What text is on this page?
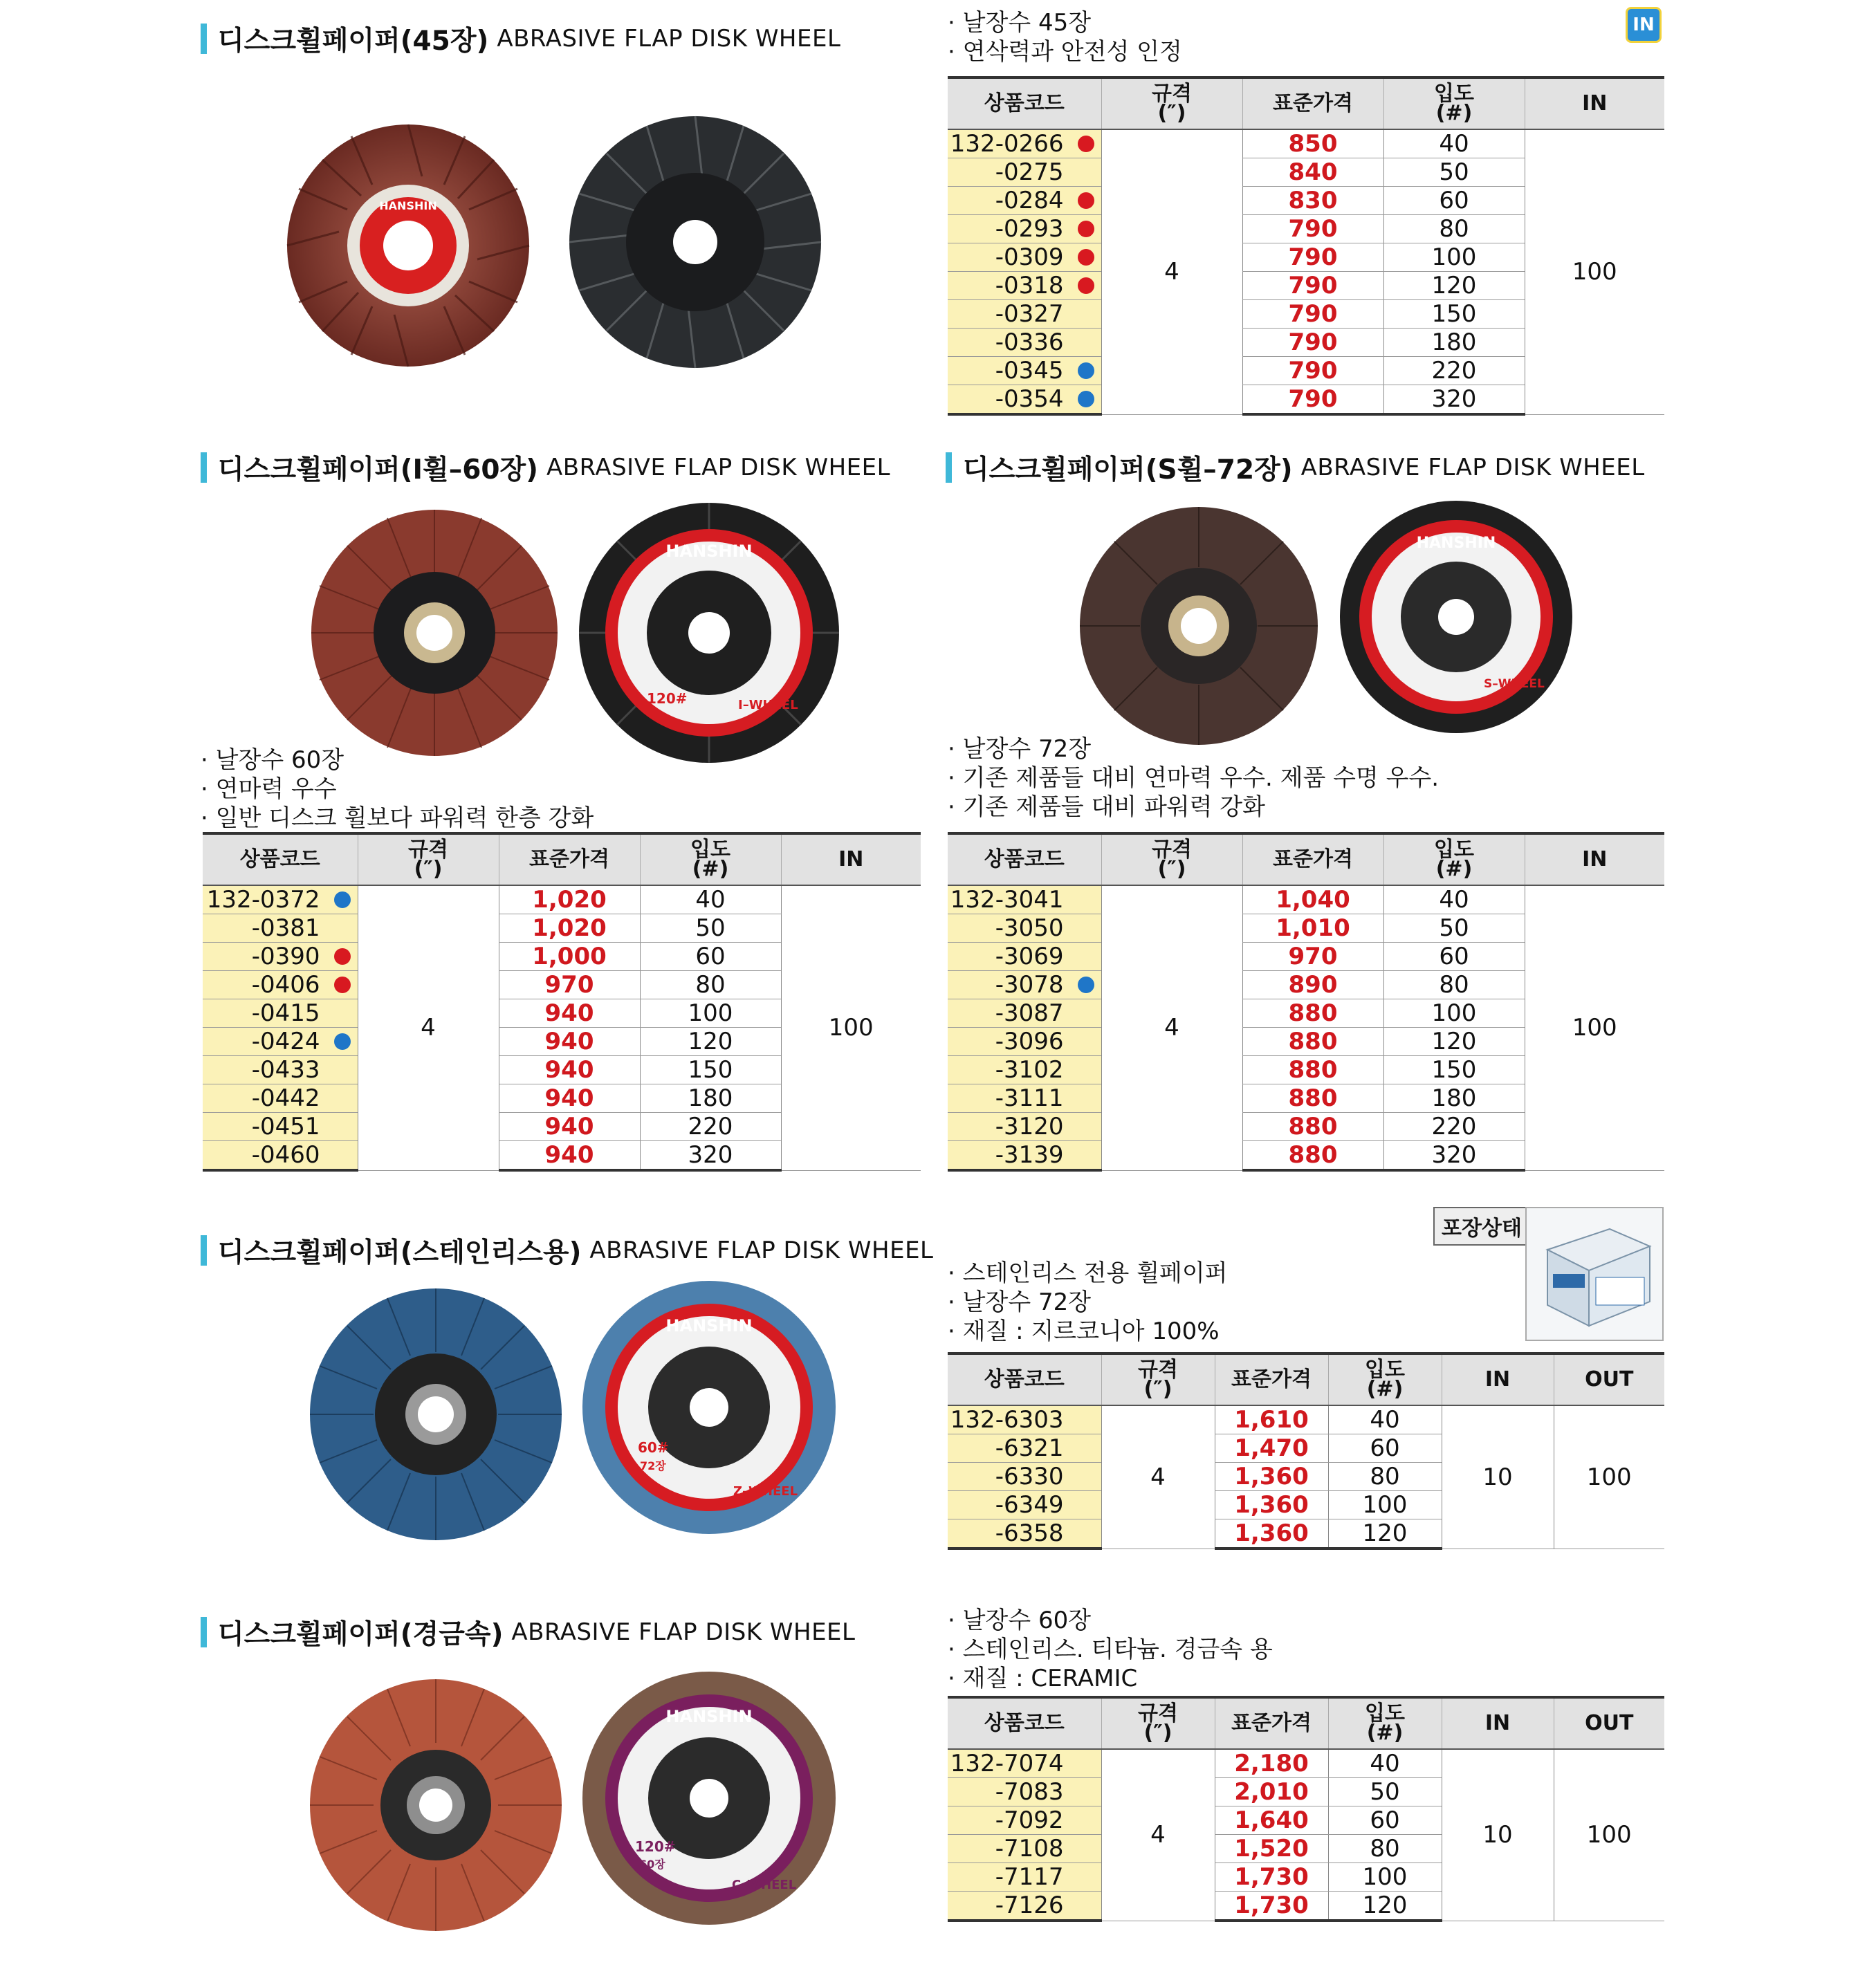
디스크휠페이퍼(45장) ABRASIVE FLAP DISK WHEEL
· 날장수 45장
· 연삭력과 안전성 인정
IN
HANSHIN
상품코드	규격
(″)	표준가격	입도
(#)	IN
132-0266	4	850	40	100
-0275		840	50	
-0284		830	60	
-0293		790	80	
-0309		790	100	
-0318		790	120	
-0327		790	150	
-0336		790	180	
-0345		790	220	
-0354		790	320	
디스크휠페이퍼(I휠–60장) ABRASIVE FLAP DISK WHEEL
HANSHIN
120#	I–WHEEL
· 날장수 60장
· 연마력 우수
· 일반 디스크 휠보다 파워력 한층 강화
상품코드	규격
(″)	표준가격	입도
(#)	IN
132-0372	4	1,020	40	100
-0381		1,020	50	
-0390		1,000	60	
-0406		970	80	
-0415		940	100	
-0424		940	120	
-0433		940	150	
-0442		940	180	
-0451		940	220	
-0460		940	320	
디스크휠페이퍼(S휠–72장) ABRASIVE FLAP DISK WHEEL
HANSHIN
S–WHEEL
· 날장수 72장
· 기존 제품들 대비 연마력 우수. 제품 수명 우수.
· 기존 제품들 대비 파워력 강화
상품코드	규격
(″)	표준가격	입도
(#)	IN
132-3041	4	1,040	40	100
-3050		1,010	50	
-3069		970	60	
-3078		890	80	
-3087		880	100	
-3096		880	120	
-3102		880	150	
-3111		880	180	
-3120		880	220	
-3139		880	320	
디스크휠페이퍼(스테인리스용) ABRASIVE FLAP DISK WHEEL
HANSHIN
60#
72장
Z–WHEEL
포장상태
· 스테인리스 전용 휠페이퍼
· 날장수 72장
· 재질 : 지르코니아 100%
상품코드	규격
(″)	표준가격	입도
(#)	IN	OUT
132-6303	4	1,610	40	10	100
-6321		1,470	60		
-6330		1,360	80		
-6349		1,360	100		
-6358		1,360	120		
디스크휠페이퍼(경금속) ABRASIVE FLAP DISK WHEEL
HANSHIN
120#
60장
C–WHEEL
· 날장수 60장
· 스테인리스. 티타늄. 경금속 용
· 재질 : CERAMIC
상품코드	규격
(″)	표준가격	입도
(#)	IN	OUT
132-7074	4	2,180	40	10	100
-7083		2,010	50		
-7092		1,640	60		
-7108		1,520	80		
-7117		1,730	100		
-7126		1,730	120		
